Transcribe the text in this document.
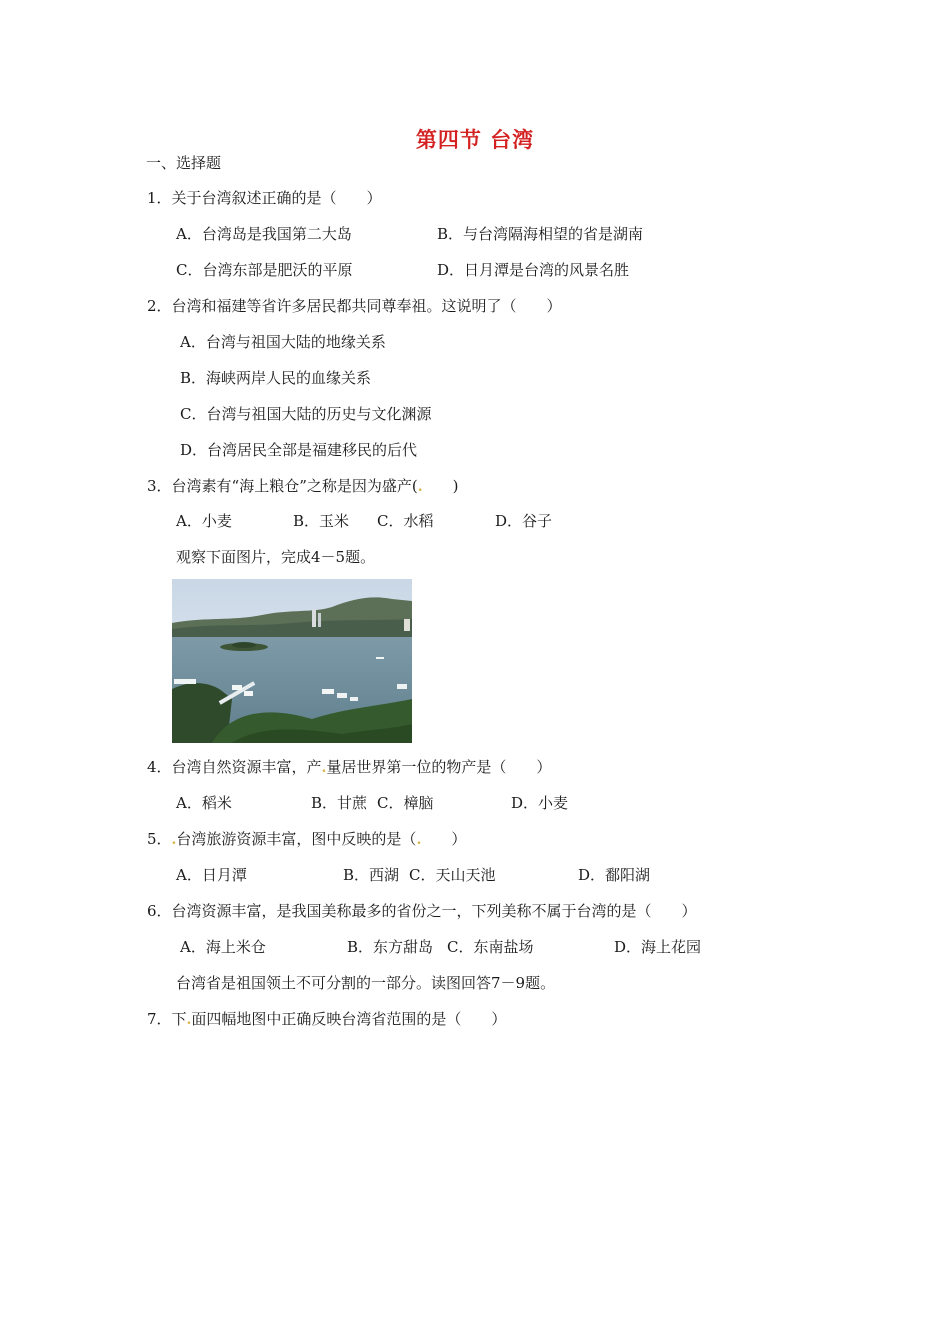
第四节 台湾
一、选择题
1．关于台湾叙述正确的是（　　）
A．台湾岛是我国第二大岛	B．与台湾隔海相望的省是湖南
C．台湾东部是肥沃的平原	D．日月潭是台湾的风景名胜
2．台湾和福建等省许多居民都共同尊奉祖。这说明了（　　）
A．台湾与祖国大陆的地缘关系
B．海峡两岸人民的血缘关系
C．台湾与祖国大陆的历史与文化渊源
D．台湾居民全部是福建移民的后代
3．台湾素有“海上粮仓”之称是因为盛产(.　　)
A．小麦	B．玉米 C．水稻	D．谷子
观察下面图片，完成4－5题。
4．台湾自然资源丰富，产.量居世界第一位的物产是（　　）
A．稻米	B．甘蔗 C．樟脑	D．小麦
5．.台湾旅游资源丰富，图中反映的是（.　　）
A．日月潭	B．西湖 C．天山天池	D．鄱阳湖
6．台湾资源丰富，是我国美称最多的省份之一，下列美称不属于台湾的是（　　）
A．海上米仓	B．东方甜岛 C．东南盐场	D．海上花园
台湾省是祖国领土不可分割的一部分。读图回答7－9题。
7．下.面四幅地图中正确反映台湾省范围的是（　　）
